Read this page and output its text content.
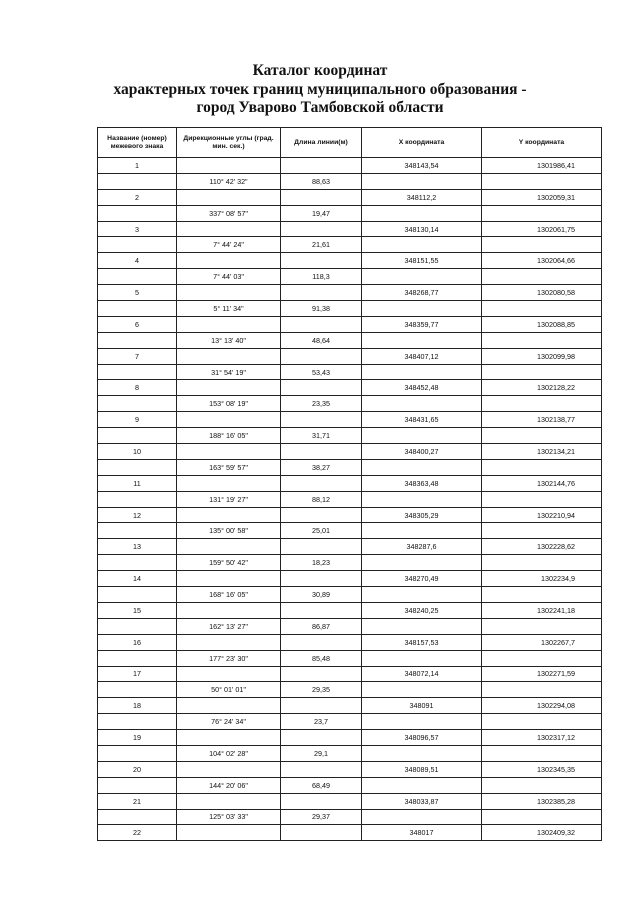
Каталог координат
характерных точек границ муниципального образования -
город Уварово Тамбовской области
Название (номер) межевого знака	Дирекционные углы (град. мин. сек.)	Длина линии(м)	X координата	Y координата
1			348143,54	1301986,41
	110° 42' 32"	88,63		
2			348112,2	1302059,31
	337° 08' 57"	19,47		
3			348130,14	1302061,75
	7° 44' 24"	21,61		
4			348151,55	1302064,66
	7° 44' 03"	118,3		
5			348268,77	1302080,58
	5° 11' 34"	91,38		
6			348359,77	1302088,85
	13° 13' 40"	48,64		
7			348407,12	1302099,98
	31° 54' 19"	53,43		
8			348452,48	1302128,22
	153° 08' 19"	23,35		
9			348431,65	1302138,77
	188° 16' 05"	31,71		
10			348400,27	1302134,21
	163° 59' 57"	38,27		
11			348363,48	1302144,76
	131° 19' 27"	88,12		
12			348305,29	1302210,94
	135° 00' 58"	25,01		
13			348287,6	1302228,62
	159° 50' 42"	18,23		
14			348270,49	1302234,9
	168° 16' 05"	30,89		
15			348240,25	1302241,18
	162° 13' 27"	86,87		
16			348157,53	1302267,7
	177° 23' 30"	85,48		
17			348072,14	1302271,59
	50° 01' 01"	29,35		
18			348091	1302294,08
	76° 24' 34"	23,7		
19			348096,57	1302317,12
	104° 02' 28"	29,1		
20			348089,51	1302345,35
	144° 20' 06"	68,49		
21			348033,87	1302385,28
	125° 03' 33"	29,37		
22			348017	1302409,32
